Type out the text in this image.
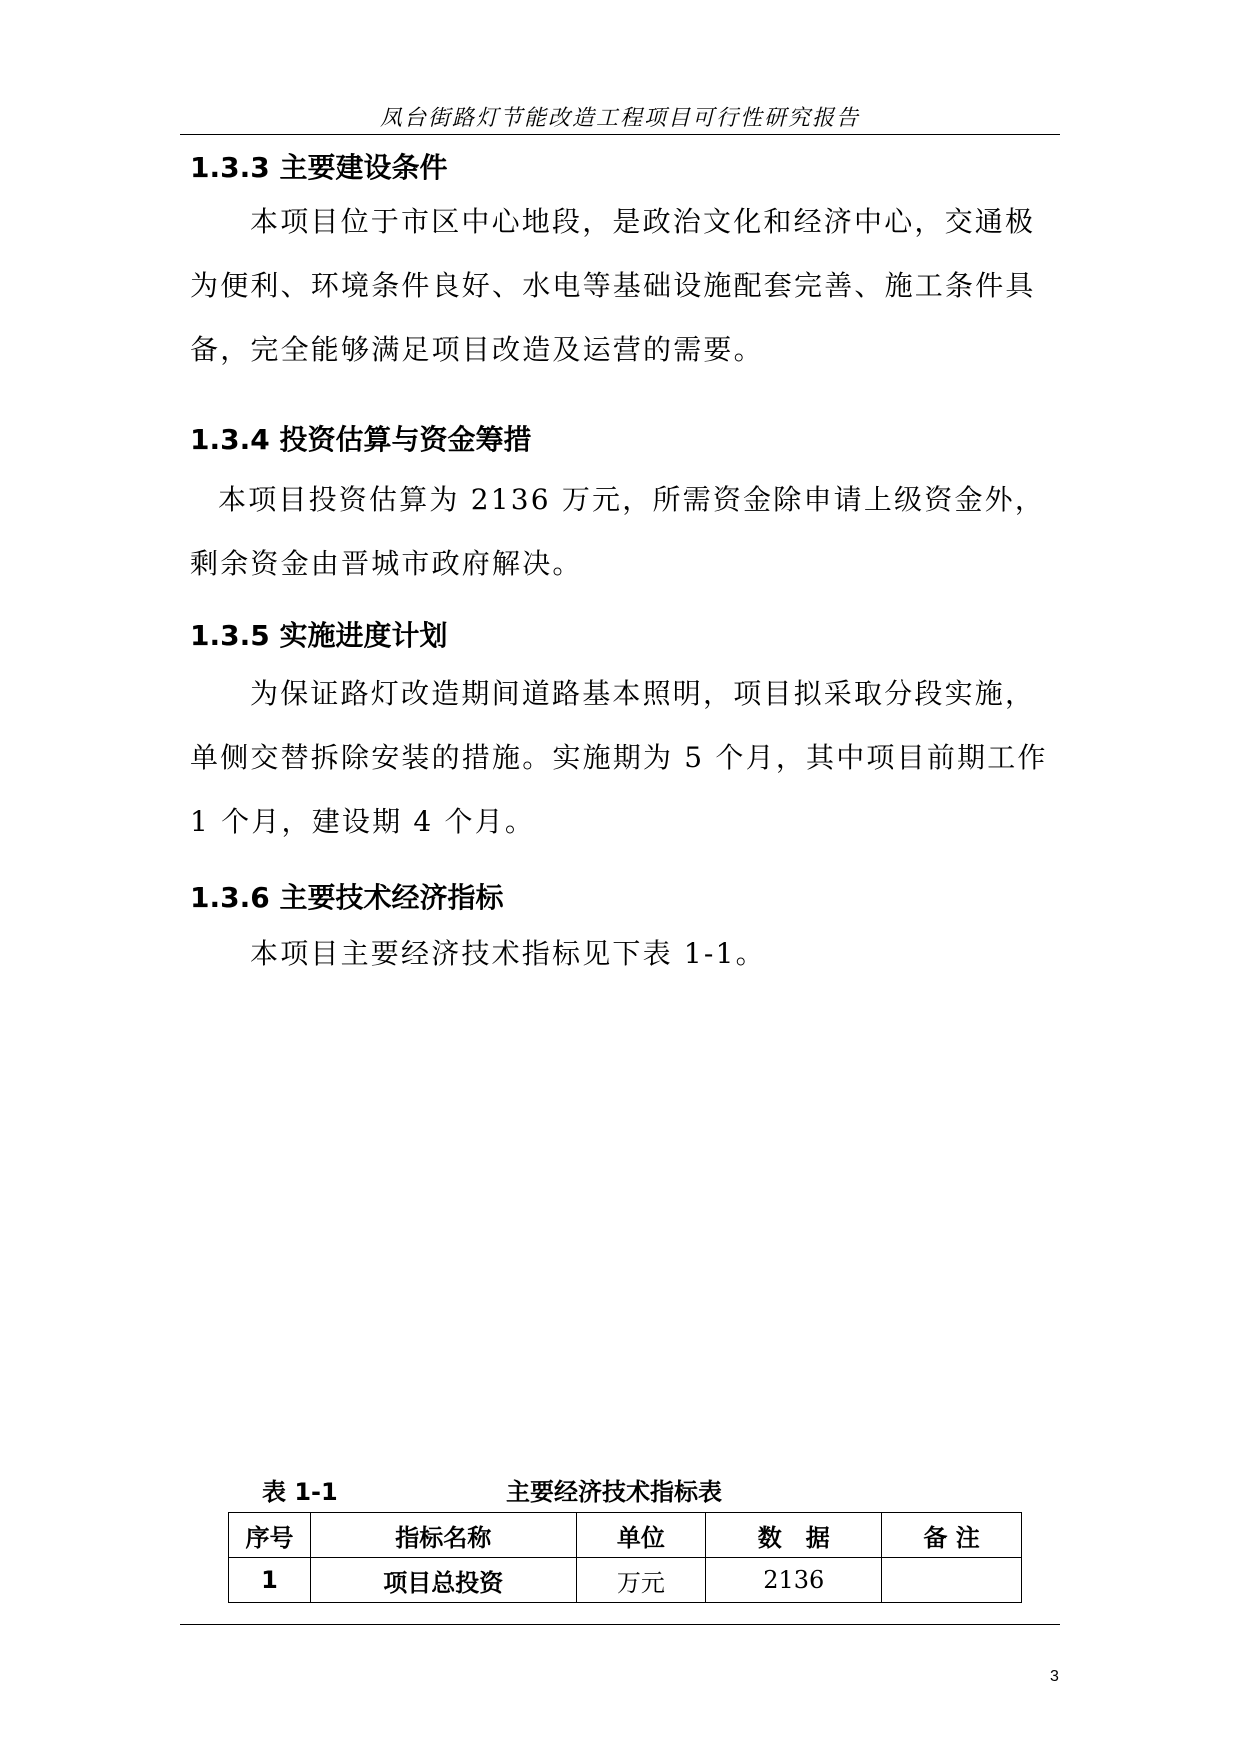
凤台街路灯节能改造工程项目可行性研究报告
1.3.3 主要建设条件

本项目位于市区中心地段，是政治文化和经济中心，交通极为便利、环境条件良好、水电等基础设施配套完善、施工条件具备，完全能够满足项目改造及运营的需要。

1.3.4 投资估算与资金筹措

本项目投资估算为 2136 万元，所需资金除申请上级资金外，剩余资金由晋城市政府解决。

1.3.5 实施进度计划

为保证路灯改造期间道路基本照明，项目拟采取分段实施，单侧交替拆除安装的措施。实施期为 5 个月，其中项目前期工作 1 个月，建设期 4 个月。

1.3.6 主要技术经济指标

本项目主要经济技术指标见下表 1-1。

表 1-1	主要经济技术指标表
序号	指标名称	单位	数　据	备 注
1	项目总投资	万元	2136	
3
